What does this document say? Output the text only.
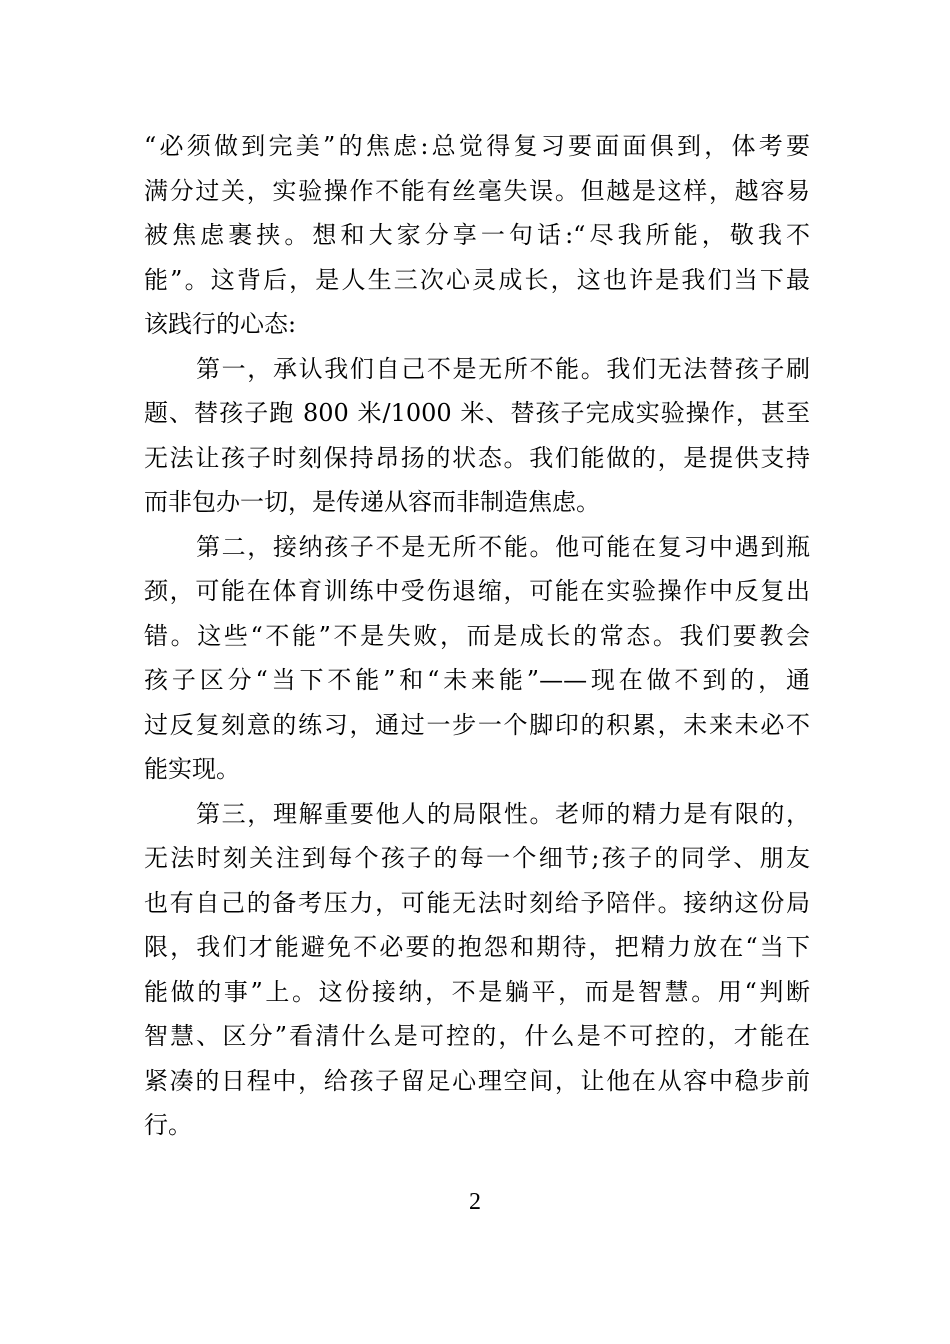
“必须做到完美”的焦虑:总觉得复习要面面俱到，体考要
满分过关，实验操作不能有丝毫失误。但越是这样，越容易
被焦虑裹挟。想和大家分享一句话:“尽我所能，敬我不
能”。这背后，是人生三次心灵成长，这也许是我们当下最
该践行的心态:
第一，承认我们自己不是无所不能。我们无法替孩子刷
题、替孩子跑 800 米/1000 米、替孩子完成实验操作，甚至
无法让孩子时刻保持昂扬的状态。我们能做的，是提供支持
而非包办一切，是传递从容而非制造焦虑。
第二，接纳孩子不是无所不能。他可能在复习中遇到瓶
颈，可能在体育训练中受伤退缩，可能在实验操作中反复出
错。这些“不能”不是失败，而是成长的常态。我们要教会
孩子区分“当下不能”和“未来能”——现在做不到的，通
过反复刻意的练习，通过一步一个脚印的积累，未来未必不
能实现。
第三，理解重要他人的局限性。老师的精力是有限的，
无法时刻关注到每个孩子的每一个细节;孩子的同学、朋友
也有自己的备考压力，可能无法时刻给予陪伴。接纳这份局
限，我们才能避免不必要的抱怨和期待，把精力放在“当下
能做的事”上。这份接纳，不是躺平，而是智慧。用“判断
智慧、区分”看清什么是可控的，什么是不可控的，才能在
紧凑的日程中，给孩子留足心理空间，让他在从容中稳步前
行。
2
